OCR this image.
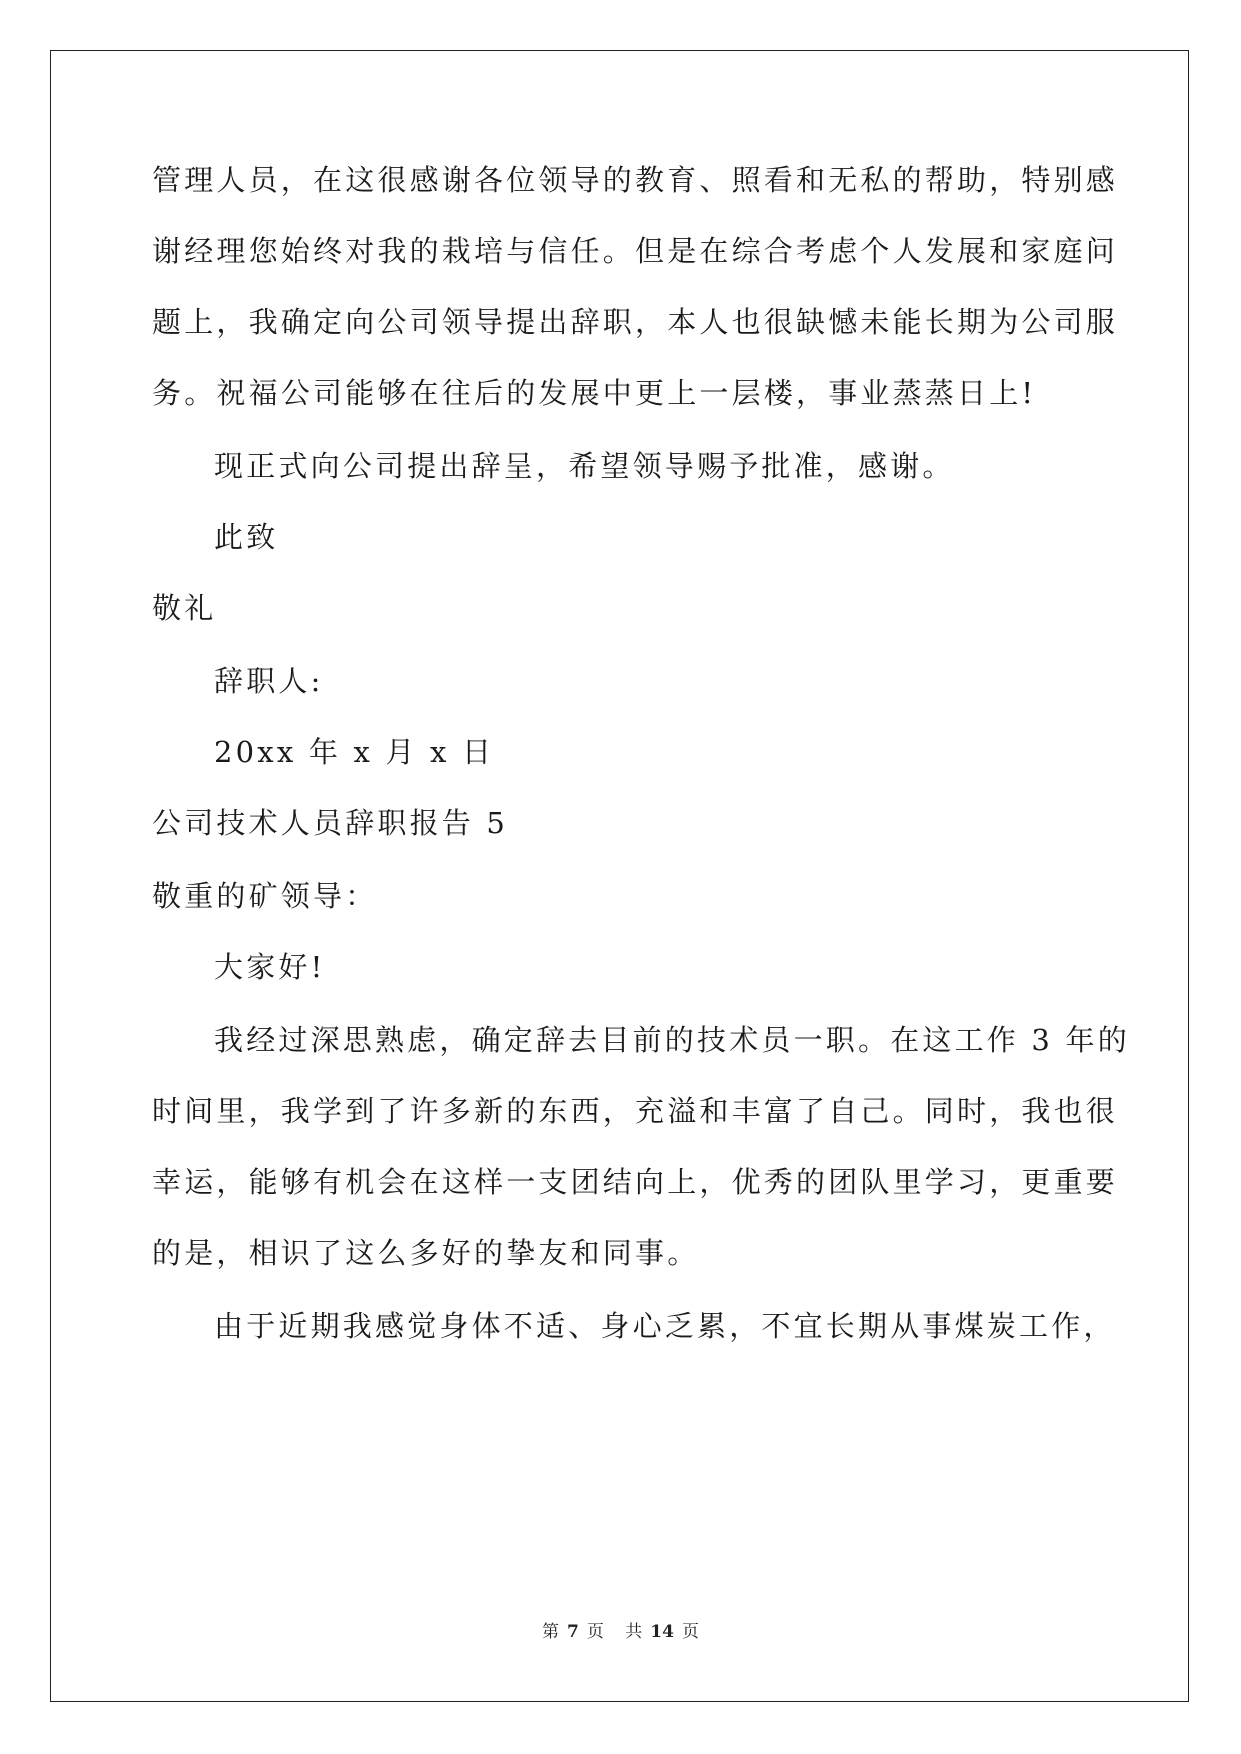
管理人员，在这很感谢各位领导的教育、照看和无私的帮助，特别感
谢经理您始终对我的栽培与信任。但是在综合考虑个人发展和家庭问
题上，我确定向公司领导提出辞职，本人也很缺憾未能长期为公司服
务。祝福公司能够在往后的发展中更上一层楼，事业蒸蒸日上!
现正式向公司提出辞呈，希望领导赐予批准，感谢。
此致
敬礼
辞职人:
20xx 年 x 月 x 日
公司技术人员辞职报告 5
敬重的矿领导：
大家好!
我经过深思熟虑，确定辞去目前的技术员一职。在这工作 3 年的
时间里，我学到了许多新的东西，充溢和丰富了自己。同时，我也很
幸运，能够有机会在这样一支团结向上，优秀的团队里学习，更重要
的是，相识了这么多好的挚友和同事。
由于近期我感觉身体不适、身心乏累，不宜长期从事煤炭工作，
第 7 页 共 14 页
